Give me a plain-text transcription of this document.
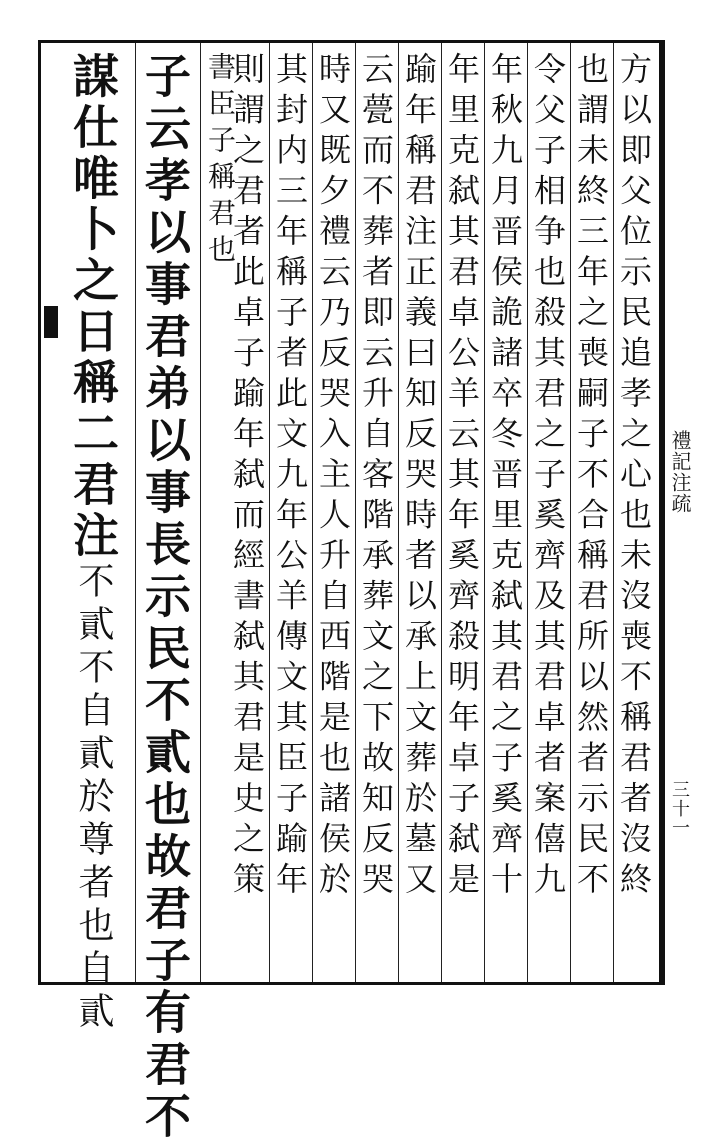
方以即父位示民追孝之心也未沒喪不稱君者沒終
也謂未終三年之喪嗣子不合稱君所以然者示民不
令父子相争也殺其君之子奚齊及其君卓者案僖九
年秋九月晋侯詭諸卒冬晋里克弑其君之子奚齊十
年里克弑其君卓公羊云其年奚齊殺明年卓子弑是
踰年稱君注正義曰知反哭時者以承上文葬於墓又
云甍而不葬者即云升自客階承葬文之下故知反哭
時又既夕禮云乃反哭入主人升自西階是也諸侯於
其封内三年稱子者此文九年公羊傳文其臣子踰年
則謂之君者此卓子踰年弑而經書弑其君是史之策
書臣子稱君也
子云孝以事君弟以事長示民不貳也故君子有君不
謀仕唯卜之日稱二君注不貳不自貳於尊者也自貳
禮記注疏
三十一
